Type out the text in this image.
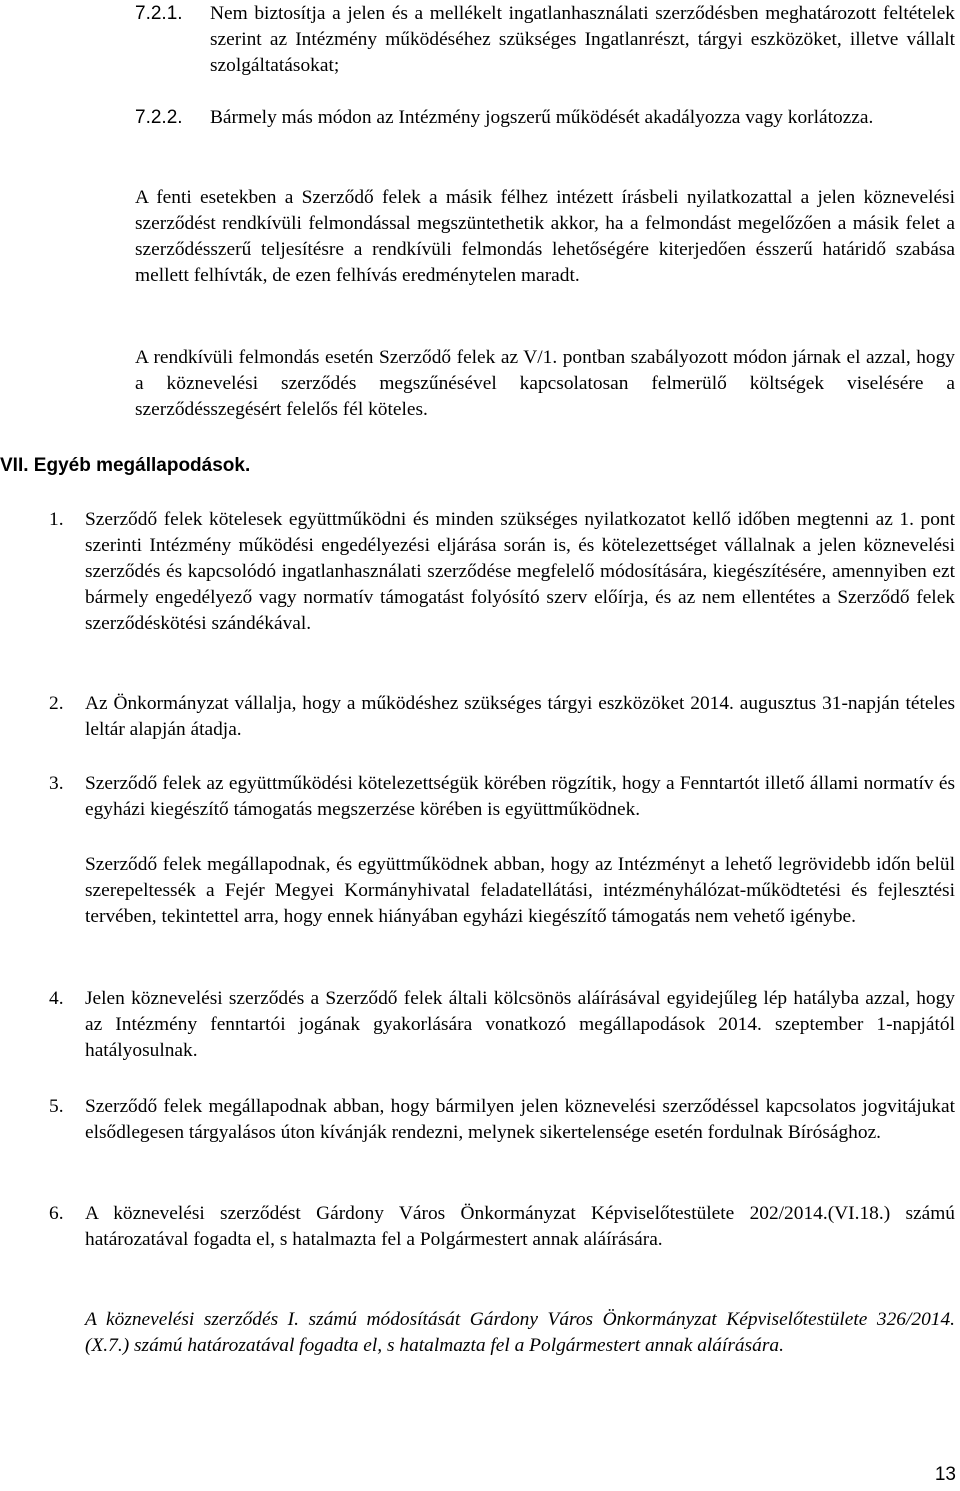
7.2.1. Nem biztosítja a jelen és a mellékelt ingatlanhasználati szerződésben meghatározott feltételek szerint az Intézmény működéséhez szükséges Ingatlanrészt, tárgyi eszközöket, illetve vállalt szolgáltatásokat;
7.2.2. Bármely más módon az Intézmény jogszerű működését akadályozza vagy korlátozza.
A fenti esetekben a Szerződő felek a másik félhez intézett írásbeli nyilatkozattal a jelen köznevelési szerződést rendkívüli felmondással megszüntethetik akkor, ha a felmondást megelőzően a másik felet a szerződésszerű teljesítésre a rendkívüli felmondás lehetőségére kiterjedően ésszerű határidő szabása mellett felhívták, de ezen felhívás eredménytelen maradt.
A rendkívüli felmondás esetén Szerződő felek az V/1. pontban szabályozott módon járnak el azzal, hogy a köznevelési szerződés megszűnésével kapcsolatosan felmerülő költségek viselésére a szerződésszegésért felelős fél köteles.
VII. Egyéb megállapodások.
1. Szerződő felek kötelesek együttműködni és minden szükséges nyilatkozatot kellő időben megtenni az 1. pont szerinti Intézmény működési engedélyezési eljárása során is, és kötelezettséget vállalnak a jelen köznevelési szerződés és kapcsolódó ingatlanhasználati szerződése megfelelő módosítására, kiegészítésére, amennyiben ezt bármely engedélyező vagy normatív támogatást folyósító szerv előírja, és az nem ellentétes a Szerződő felek szerződéskötési szándékával.
2. Az Önkormányzat vállalja, hogy a működéshez szükséges tárgyi eszközöket 2014. augusztus 31-napján tételes leltár alapján átadja.
3. Szerződő felek az együttműködési kötelezettségük körében rögzítik, hogy a Fenntartót illető állami normatív és egyházi kiegészítő támogatás megszerzése körében is együttműködnek.
Szerződő felek megállapodnak, és együttműködnek abban, hogy az Intézményt a lehető legrövidebb időn belül szerepeltessék a Fejér Megyei Kormányhivatal feladatellátási, intézményhálózat-működtetési és fejlesztési tervében, tekintettel arra, hogy ennek hiányában egyházi kiegészítő támogatás nem vehető igénybe.
4. Jelen köznevelési szerződés a Szerződő felek általi kölcsönös aláírásával egyidejűleg lép hatályba azzal, hogy az Intézmény fenntartói jogának gyakorlására vonatkozó megállapodások 2014. szeptember 1-napjától hatályosulnak.
5. Szerződő felek megállapodnak abban, hogy bármilyen jelen köznevelési szerződéssel kapcsolatos jogvitájukat elsődlegesen tárgyalásos úton kívánják rendezni, melynek sikertelensége esetén fordulnak Bírósághoz.
6. A köznevelési szerződést Gárdony Város Önkormányzat Képviselőtestülete 202/2014.(VI.18.) számú határozatával fogadta el, s hatalmazta fel a Polgármestert annak aláírására.
A köznevelési szerződés I. számú módosítását Gárdony Város Önkormányzat Képviselőtestülete 326/2014. (X.7.) számú határozatával fogadta el, s hatalmazta fel a Polgármestert annak aláírására.
13
